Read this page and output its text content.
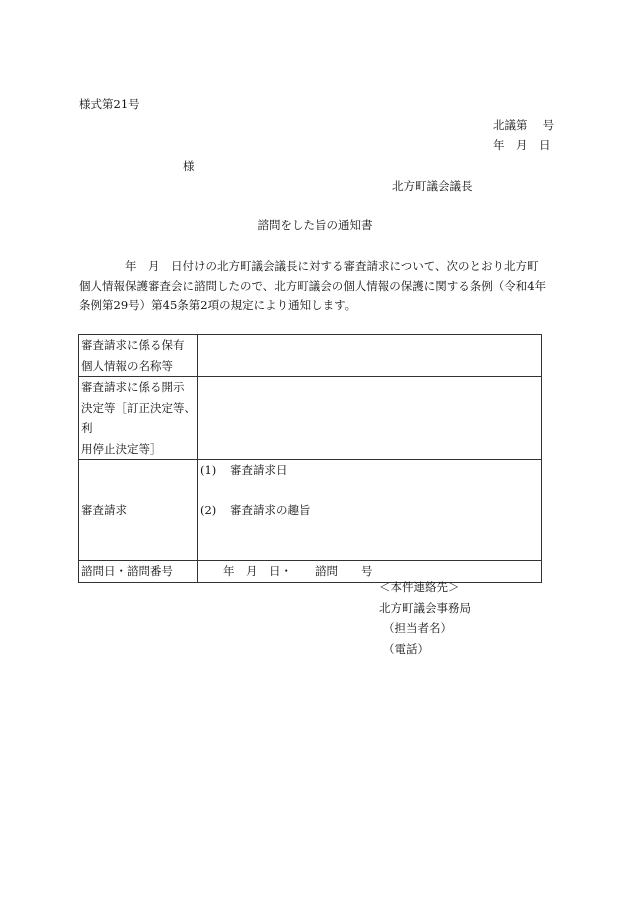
様式第21号
北議第　 号
年　月　日
様
北方町議会議長
諮問をした旨の通知書
　　　　年　月　日付けの北方町議会議長に対する審査請求について、次のとおり北方町
個人情報保護審査会に諮問したので、北方町議会の個人情報の保護に関する条例（令和4年
条例第29号）第45条第2項の規定により通知します。
審査請求に係る保有
個人情報の名称等	
審査請求に係る開示
決定等［訂正決定等、利
用停止決定等］	
審査請求	(1) 審査請求日
(2) 審査請求の趣旨

諮問日・諮問番号	　　年　月　日・　　諮問　　号
＜本件連絡先＞
北方町議会事務局
（担当者名）
（電話）
